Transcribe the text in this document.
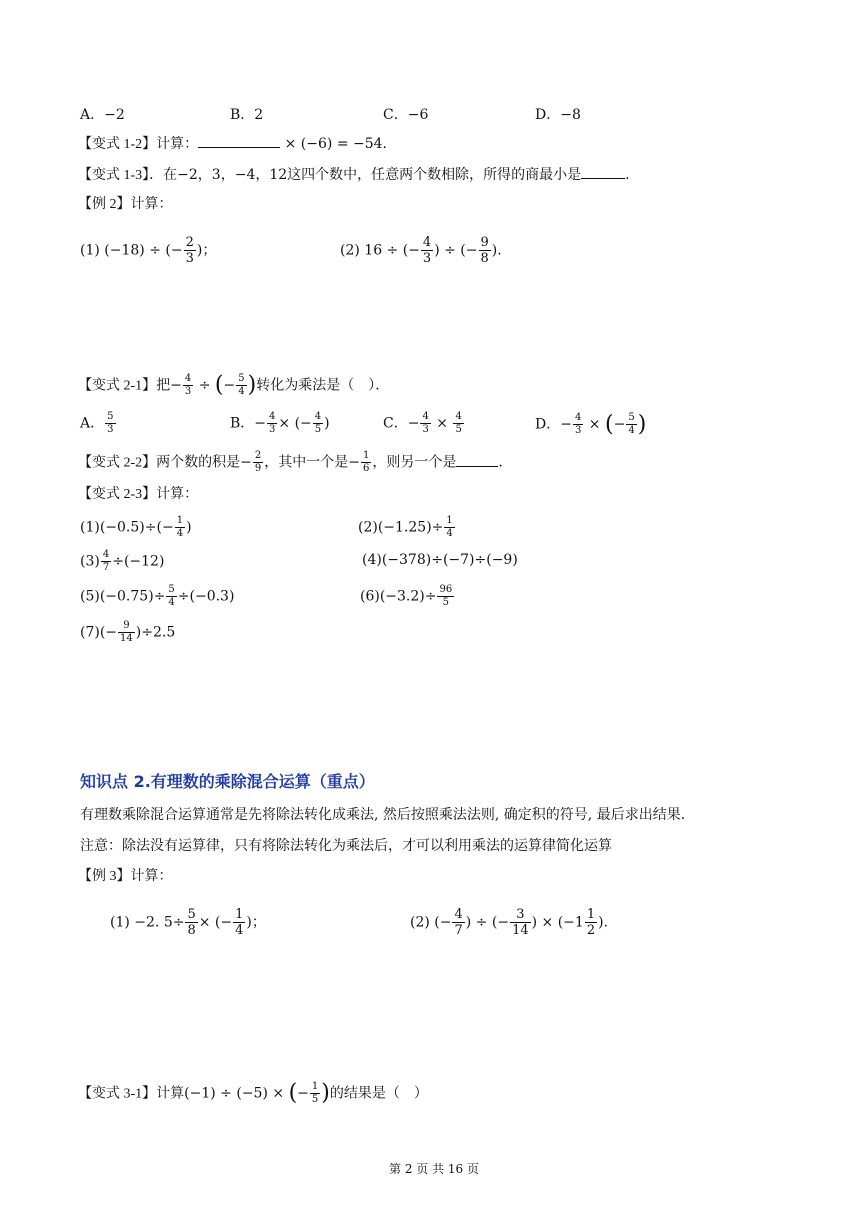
A．−2	B．2	C．−6	D．−8
【变式 1-2】计算：	× (−6) = −54.
【变式 1-3】．在−2，3，−4，12这四个数中，任意两个数相除，所得的商最小是	.
【例 2】计算：
(1) (−18) ÷ (− $\frac{2}{3}$ )；	(2) 16 ÷ (− $\frac{4}{3}$ ) ÷ (− $\frac{9}{8}$ ).
【变式 2-1】把− $\frac{4}{3}$ ÷ (− $\frac{5}{4}$ )转化为乘法是（　）．
A． $\frac{5}{3}$	B．− $\frac{4}{3}$ × (− $\frac{4}{5}$ )	C．− $\frac{4}{3} \times \frac{4}{5}$	D．− $\frac{4}{3}$ × (− $\frac{5}{4}$ )
【变式 2-2】两个数的积是− $\frac{2}{9}$ ，其中一个是− $\frac{1}{6}$ ，则另一个是	.
【变式 2-3】计算：
$(1)(-0.5)\div(- \frac{1}{4}$ )	$(2)(-1.25)\div \frac{1}{4}$
$(3) \frac{4}{7} \div(-12)$	(4)(−378)÷(−7)÷(−9)
$(5)(-0.75)\div \frac{5}{4} \div(-0.3)$	$(6)(-3.2)\div \frac{96}{5}$
$(7)(- \frac{9}{14} )\div 2.5$
知识点 2.有理数的乘除混合运算（重点）
有理数乘除混合运算通常是先将除法转化成乘法, 然后按照乘法法则, 确定积的符号, 最后求出结果.
注意：除法没有运算律，只有将除法转化为乘法后，才可以利用乘法的运算律简化运算
【例 3】计算：
(1) −2. $5\div \frac{5}{8}$ × (− $\frac{1}{4}$ )；	(2) (− $\frac{4}{7}$ ) ÷ (− $\frac{3}{14}$ ) × ($-1 \frac{1}{2}$ ).
【变式 3-1】计算(−1) ÷ (−5) × (− $\frac{1}{5}$ )的结果是（　）
第 2 页 共 16 页
